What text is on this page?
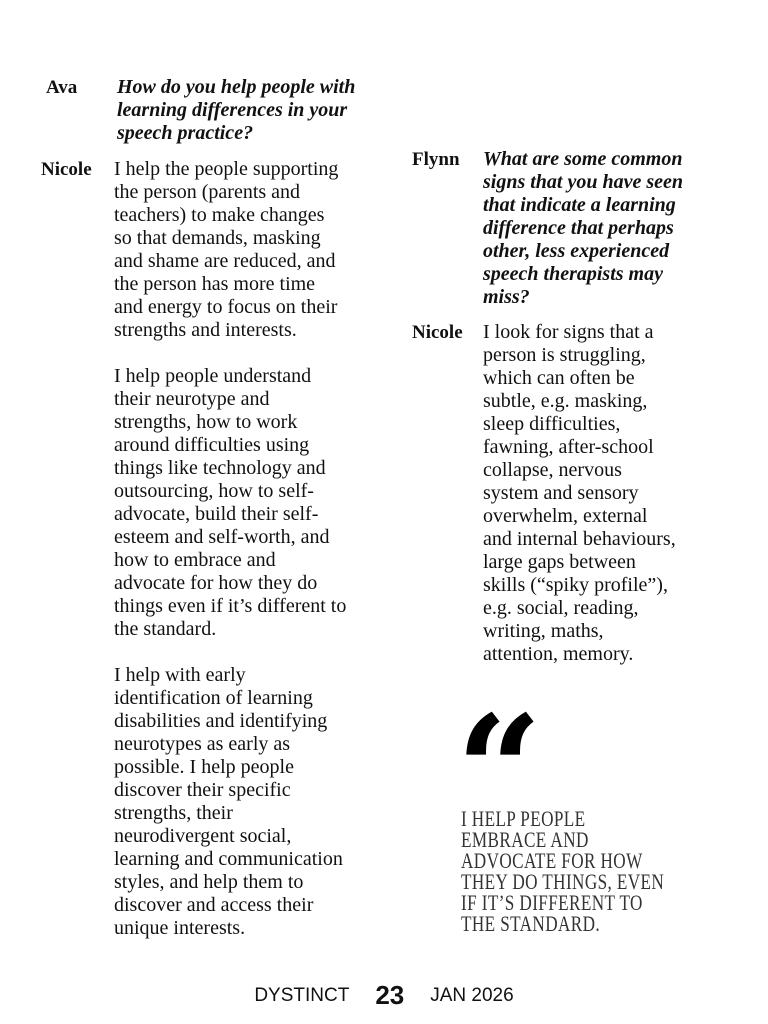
Ava How do you help people with
learning differences in your
speech practice?
Nicole I help the people supporting
the person (parents and
teachers) to make changes
so that demands, masking
and shame are reduced, and
the person has more time
and energy to focus on their
strengths and interests.
I help people understand
their neurotype and
strengths, how to work
around difficulties using
things like technology and
outsourcing, how to self-
advocate, build their self-
esteem and self-worth, and
how to embrace and
advocate for how they do
things even if it’s different to
the standard.
I help with early
identification of learning
disabilities and identifying
neurotypes as early as
possible. I help people
discover their specific
strengths, their
neurodivergent social,
learning and communication
styles, and help them to
discover and access their
unique interests.
Flynn What are some common
signs that you have seen
that indicate a learning
difference that perhaps
other, less experienced
speech therapists may
miss?
Nicole I look for signs that a
person is struggling,
which can often be
subtle, e.g. masking,
sleep difficulties,
fawning, after-school
collapse, nervous
system and sensory
overwhelm, external
and internal behaviours,
large gaps between
skills (“spiky profile”),
e.g. social, reading,
writing, maths,
attention, memory.
I HELP PEOPLE
EMBRACE AND
ADVOCATE FOR HOW
THEY DO THINGS, EVEN
IF IT’S DIFFERENT TO
THE STANDARD.
DYSTINCT 23 JAN 2026
